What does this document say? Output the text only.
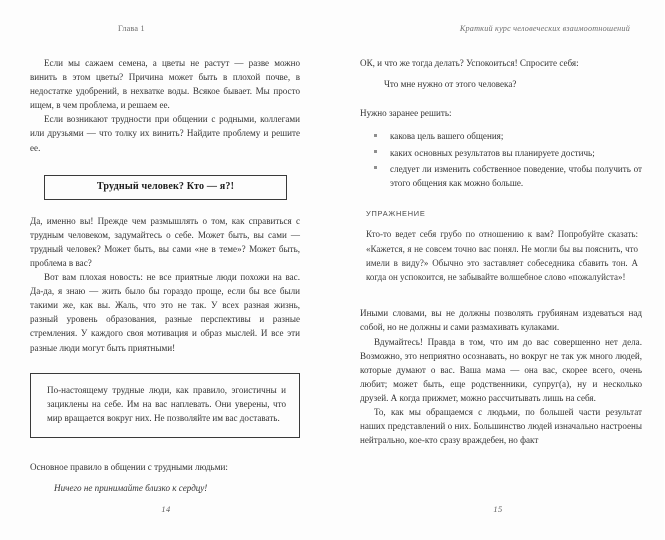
Глава 1

Если мы сажаем семена, а цветы не растут — разве можно винить в этом цветы? Причина может быть в плохой почве, в недостатке удобрений, в нехватке воды. Всякое бывает. Мы просто ищем, в чем проблема, и решаем ее.

Если возникают трудности при общении с родными, коллегами или друзьями — что толку их винить? Найдите проблему и решите ее.

Трудный человек? Кто — я?!

Да, именно вы! Прежде чем размышлять о том, как справиться с трудным человеком, задумайтесь о себе. Может быть, вы сами — трудный человек? Может быть, вы сами «не в теме»? Может быть, проблема в вас?

Вот вам плохая новость: не все приятные люди похожи на вас. Да-да, я знаю — жить было бы гораздо проще, если бы все были такими же, как вы. Жаль, что это не так. У всех разная жизнь, разный уровень образования, разные перспективы и разные стремления. У каждого своя мотивация и образ мыслей. И все эти разные люди могут быть приятными!

По-настоящему трудные люди, как правило, эгоистичны и зациклены на себе. Им на вас наплевать. Они уверены, что мир вращается вокруг них. Не позволяйте им вас доставать.

Основное правило в общении с трудными людьми:

Ничего не принимайте близко к сердцу!

14
Краткий курс человеческих взаимоотношений

ОК, и что же тогда делать? Успокоиться! Спросите себя:

Что мне нужно от этого человека?

Нужно заранее решить:

какова цель вашего общения;
каких основных результатов вы планируете достичь;
следует ли изменить собственное поведение, чтобы получить от этого общения как можно больше.
УПРАЖНЕНИЕ

Кто-то ведет себя грубо по отношению к вам? Попробуйте сказать: «Кажется, я не совсем точно вас понял. Не могли бы вы пояснить, что имели в виду?» Обычно это заставляет собеседника сбавить тон. А когда он успокоится, не забывайте волшебное слово «пожалуйста»!

Иными словами, вы не должны позволять грубиянам издеваться над собой, но не должны и сами размахивать кулаками.

Вдумайтесь! Правда в том, что им до вас совершенно нет дела. Возможно, это неприятно осознавать, но вокруг не так уж много людей, которые думают о вас. Ваша мама — она вас, скорее всего, очень любит; может быть, еще родственники, супруг(а), ну и несколько друзей. А когда прижмет, можно рассчитывать лишь на себя.

То, как мы обращаемся с людьми, по большей части результат наших представлений о них. Большинство людей изначально настроены нейтрально, кое-кто сразу враждебен, но факт

15
